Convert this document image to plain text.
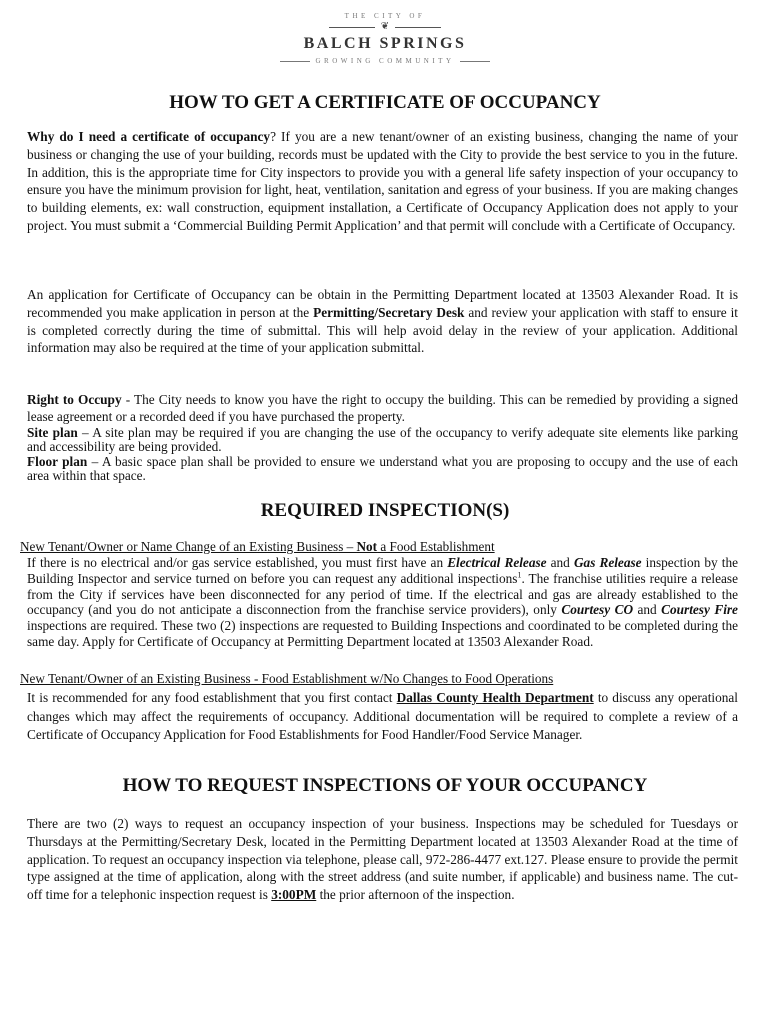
THE CITY OF
❦
BALCH SPRINGS
GROWING COMMUNITY
HOW TO GET A CERTIFICATE OF OCCUPANCY

Why do I need a certificate of occupancy? If you are a new tenant/owner of an existing business, changing the name of your business or changing the use of your building, records must be updated with the City to provide the best service to you in the future. In addition, this is the appropriate time for City inspectors to provide you with a general life safety inspection of your occupancy to ensure you have the minimum provision for light, heat, ventilation, sanitation and egress of your business. If you are making changes to building elements, ex: wall construction, equipment installation, a Certificate of Occupancy Application does not apply to your project. You must submit a ‘Commercial Building Permit Application’ and that permit will conclude with a Certificate of Occupancy.

An application for Certificate of Occupancy can be obtain in the Permitting Department located at 13503 Alexander Road. It is recommended you make application in person at the Permitting/Secretary Desk and review your application with staff to ensure it is completed correctly during the time of submittal. This will help avoid delay in the review of your application. Additional information may also be required at the time of your application submittal.

Right to Occupy - The City needs to know you have the right to occupy the building. This can be remedied by providing a signed lease agreement or a recorded deed if you have purchased the property.

Site plan – A site plan may be required if you are changing the use of the occupancy to verify adequate site elements like parking and accessibility are being provided.

Floor plan – A basic space plan shall be provided to ensure we understand what you are proposing to occupy and the use of each area within that space.

REQUIRED INSPECTION(S)
New Tenant/Owner or Name Change of an Existing Business – Not a Food Establishment

If there is no electrical and/or gas service established, you must first have an Electrical Release and Gas Release inspection by the Building Inspector and service turned on before you can request any additional inspections$^1$. The franchise utilities require a release from the City if services have been disconnected for any period of time. If the electrical and gas are already established to the occupancy (and you do not anticipate a disconnection from the franchise service providers), only Courtesy CO and Courtesy Fire inspections are required. These two (2) inspections are requested to Building Inspections and coordinated to be completed during the same day. Apply for Certificate of Occupancy at Permitting Department located at 13503 Alexander Road.

New Tenant/Owner of an Existing Business - Food Establishment w/No Changes to Food Operations

It is recommended for any food establishment that you first contact Dallas County Health Department to discuss any operational changes which may affect the requirements of occupancy. Additional documentation will be required to complete a review of a Certificate of Occupancy Application for Food Establishments for Food Handler/Food Service Manager.

HOW TO REQUEST INSPECTIONS OF YOUR OCCUPANCY

There are two (2) ways to request an occupancy inspection of your business. Inspections may be scheduled for Tuesdays or Thursdays at the Permitting/Secretary Desk, located in the Permitting Department located at 13503 Alexander Road at the time of application. To request an occupancy inspection via telephone, please call, 972-286-4477 ext.127. Please ensure to provide the permit type assigned at the time of application, along with the street address (and suite number, if applicable) and business name. The cut-off time for a telephonic inspection request is 3:00PM the prior afternoon of the inspection.
